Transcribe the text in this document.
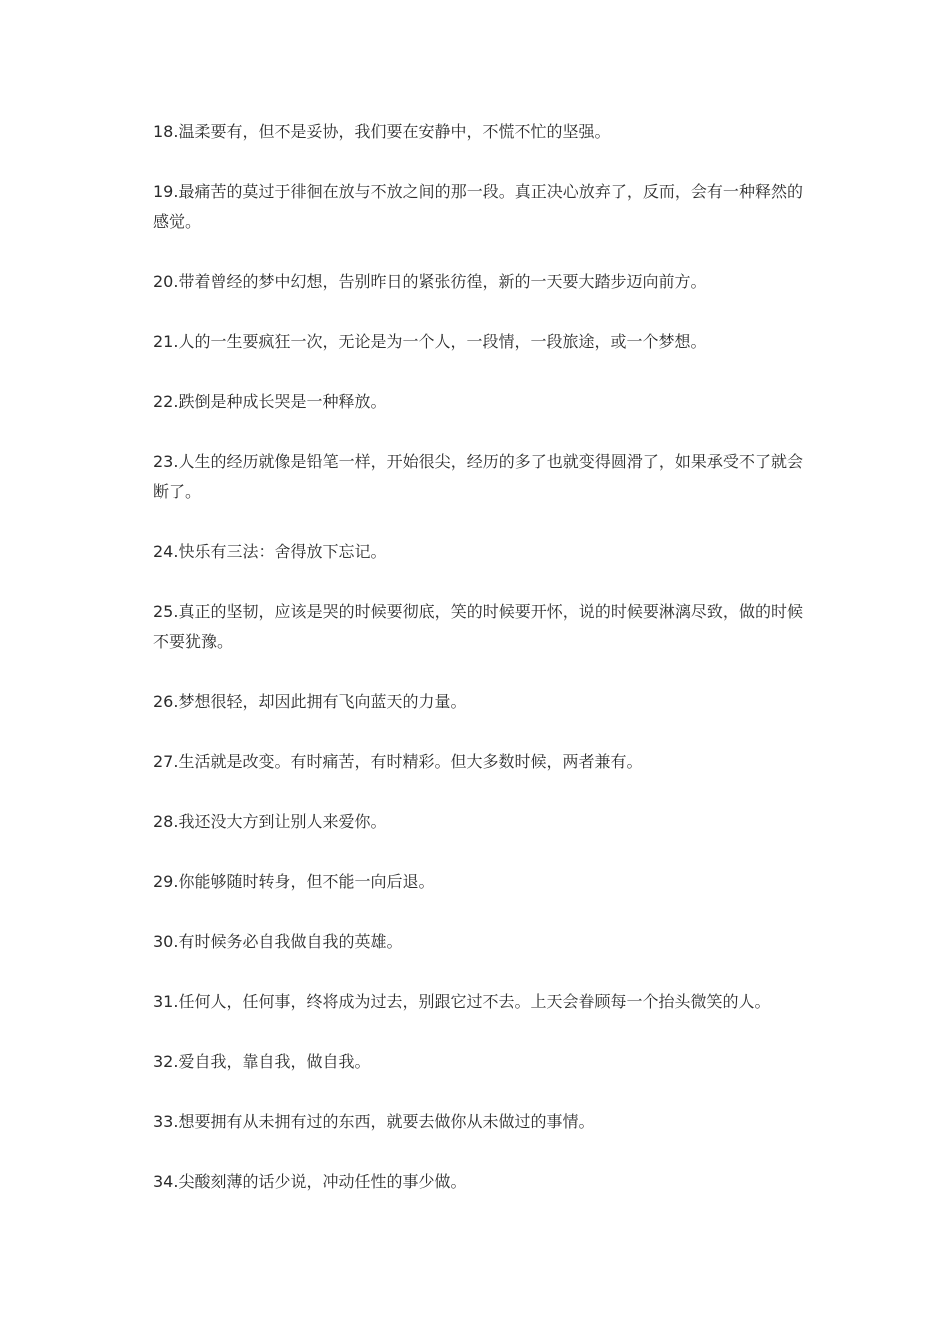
18.温柔要有，但不是妥协，我们要在安静中，不慌不忙的坚强。

19.最痛苦的莫过于徘徊在放与不放之间的那一段。真正决心放弃了，反而，会有一种释然的感觉。

20.带着曾经的梦中幻想，告别昨日的紧张彷徨，新的一天要大踏步迈向前方。

21.人的一生要疯狂一次，无论是为一个人，一段情，一段旅途，或一个梦想。

22.跌倒是种成长哭是一种释放。

23.人生的经历就像是铅笔一样，开始很尖，经历的多了也就变得圆滑了，如果承受不了就会断了。

24.快乐有三法：舍得放下忘记。

25.真正的坚韧，应该是哭的时候要彻底，笑的时候要开怀，说的时候要淋漓尽致，做的时候不要犹豫。

26.梦想很轻，却因此拥有飞向蓝天的力量。

27.生活就是改变。有时痛苦，有时精彩。但大多数时候，两者兼有。

28.我还没大方到让别人来爱你。

29.你能够随时转身，但不能一向后退。

30.有时候务必自我做自我的英雄。

31.任何人，任何事，终将成为过去，别跟它过不去。上天会眷顾每一个抬头微笑的人。

32.爱自我，靠自我，做自我。

33.想要拥有从未拥有过的东西，就要去做你从未做过的事情。

34.尖酸刻薄的话少说，冲动任性的事少做。
